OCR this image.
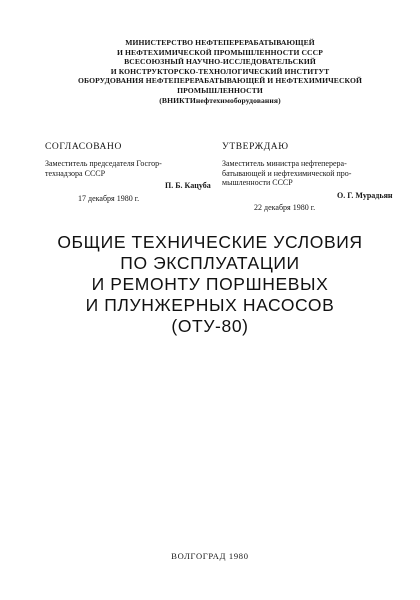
МИНИСТЕРСТВО НЕФТЕПЕРЕРАБАТЫВАЮЩЕЙ
И НЕФТЕХИМИЧЕСКОЙ ПРОМЫШЛЕННОСТИ СССР
ВСЕСОЮЗНЫЙ НАУЧНО-ИССЛЕДОВАТЕЛЬСКИЙ
И КОНСТРУКТОРСКО-ТЕХНОЛОГИЧЕСКИЙ ИНСТИТУТ
ОБОРУДОВАНИЯ НЕФТЕПЕРЕРАБАТЫВАЮЩЕЙ И НЕФТЕХИМИЧЕСКОЙ
ПРОМЫШЛЕННОСТИ
(ВНИКТИнефтехимоборудования)
СОГЛАСОВАНО
Заместитель председателя Госгор-
технадзора СССР
П. Б. Кацуба
17 декабря 1980 г.
УТВЕРЖДАЮ
Заместитель министра нефтеперера-
батывающей и нефтехимической про-
мышленности СССР
О. Г. Мурадьян
22 декабря 1980 г.
ОБЩИЕ ТЕХНИЧЕСКИЕ УСЛОВИЯ
ПО ЭКСПЛУАТАЦИИ
И РЕМОНТУ ПОРШНЕВЫХ
И ПЛУНЖЕРНЫХ НАСОСОВ
(ОТУ-80)
ВОЛГОГРАД 1980
